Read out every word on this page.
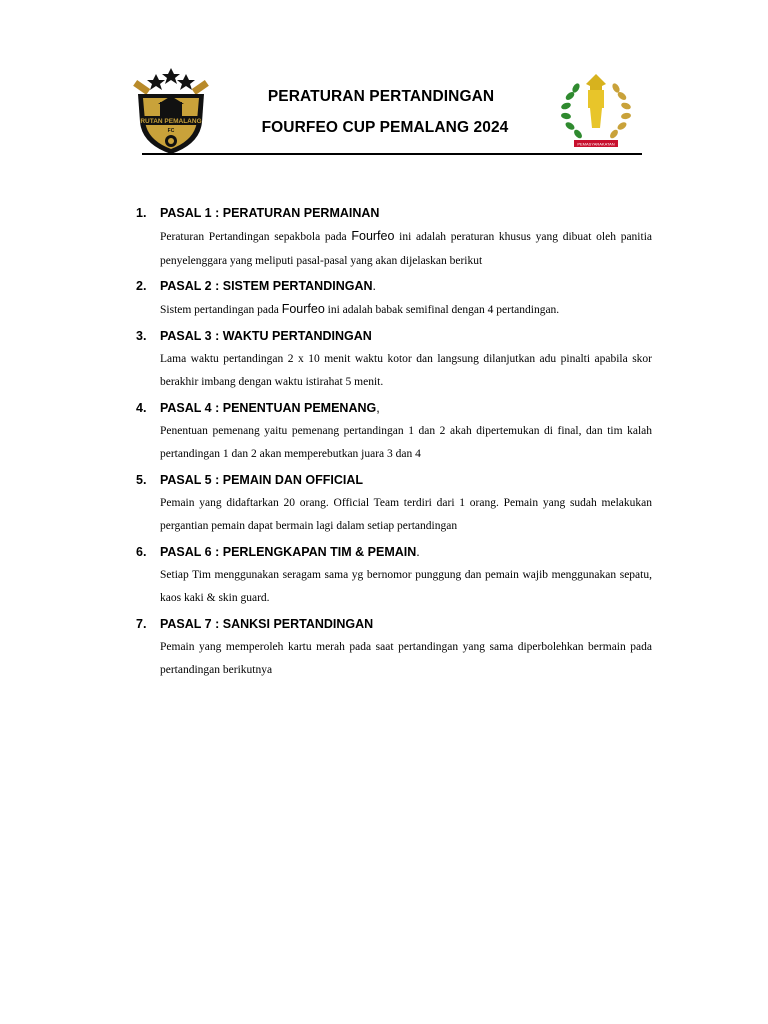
RUTAN PEMALANG
FC
PEMASYARAKATAN
PERATURAN PERTANDINGAN
FOURFEO CUP PEMALANG 2024
1.	PASAL 1 : PERATURAN PERMAINAN
Peraturan Pertandingan sepakbola pada Fourfeo ini adalah peraturan khusus yang dibuat oleh panitia penyelenggara yang meliputi pasal-pasal yang akan dijelaskan berikut
2.	PASAL 2 : SISTEM PERTANDINGAN .
Sistem pertandingan pada Fourfeo ini adalah babak semifinal dengan 4 pertandingan.
3.	PASAL 3 : WAKTU PERTANDINGAN
Lama waktu pertandingan 2 x 10 menit waktu kotor dan langsung dilanjutkan adu pinalti apabila skor berakhir imbang dengan waktu istirahat 5 menit.
4.	PASAL 4 : PENENTUAN PEMENANG ,
Penentuan pemenang yaitu pemenang pertandingan 1 dan 2 akah dipertemukan di final, dan tim kalah pertandingan 1 dan 2 akan memperebutkan juara 3 dan 4
5.	PASAL 5 : PEMAIN DAN OFFICIAL
Pemain yang didaftarkan 20 orang. Official Team terdiri dari 1 orang. Pemain yang sudah melakukan pergantian pemain dapat bermain lagi dalam setiap pertandingan
6.	PASAL 6 : PERLENGKAPAN TIM & PEMAIN .
Setiap Tim menggunakan seragam sama yg bernomor punggung dan pemain wajib menggunakan sepatu, kaos kaki & skin guard.
7.	PASAL 7 : SANKSI PERTANDINGAN
Pemain yang memperoleh kartu merah pada saat pertandingan yang sama diperbolehkan bermain pada pertandingan berikutnya
